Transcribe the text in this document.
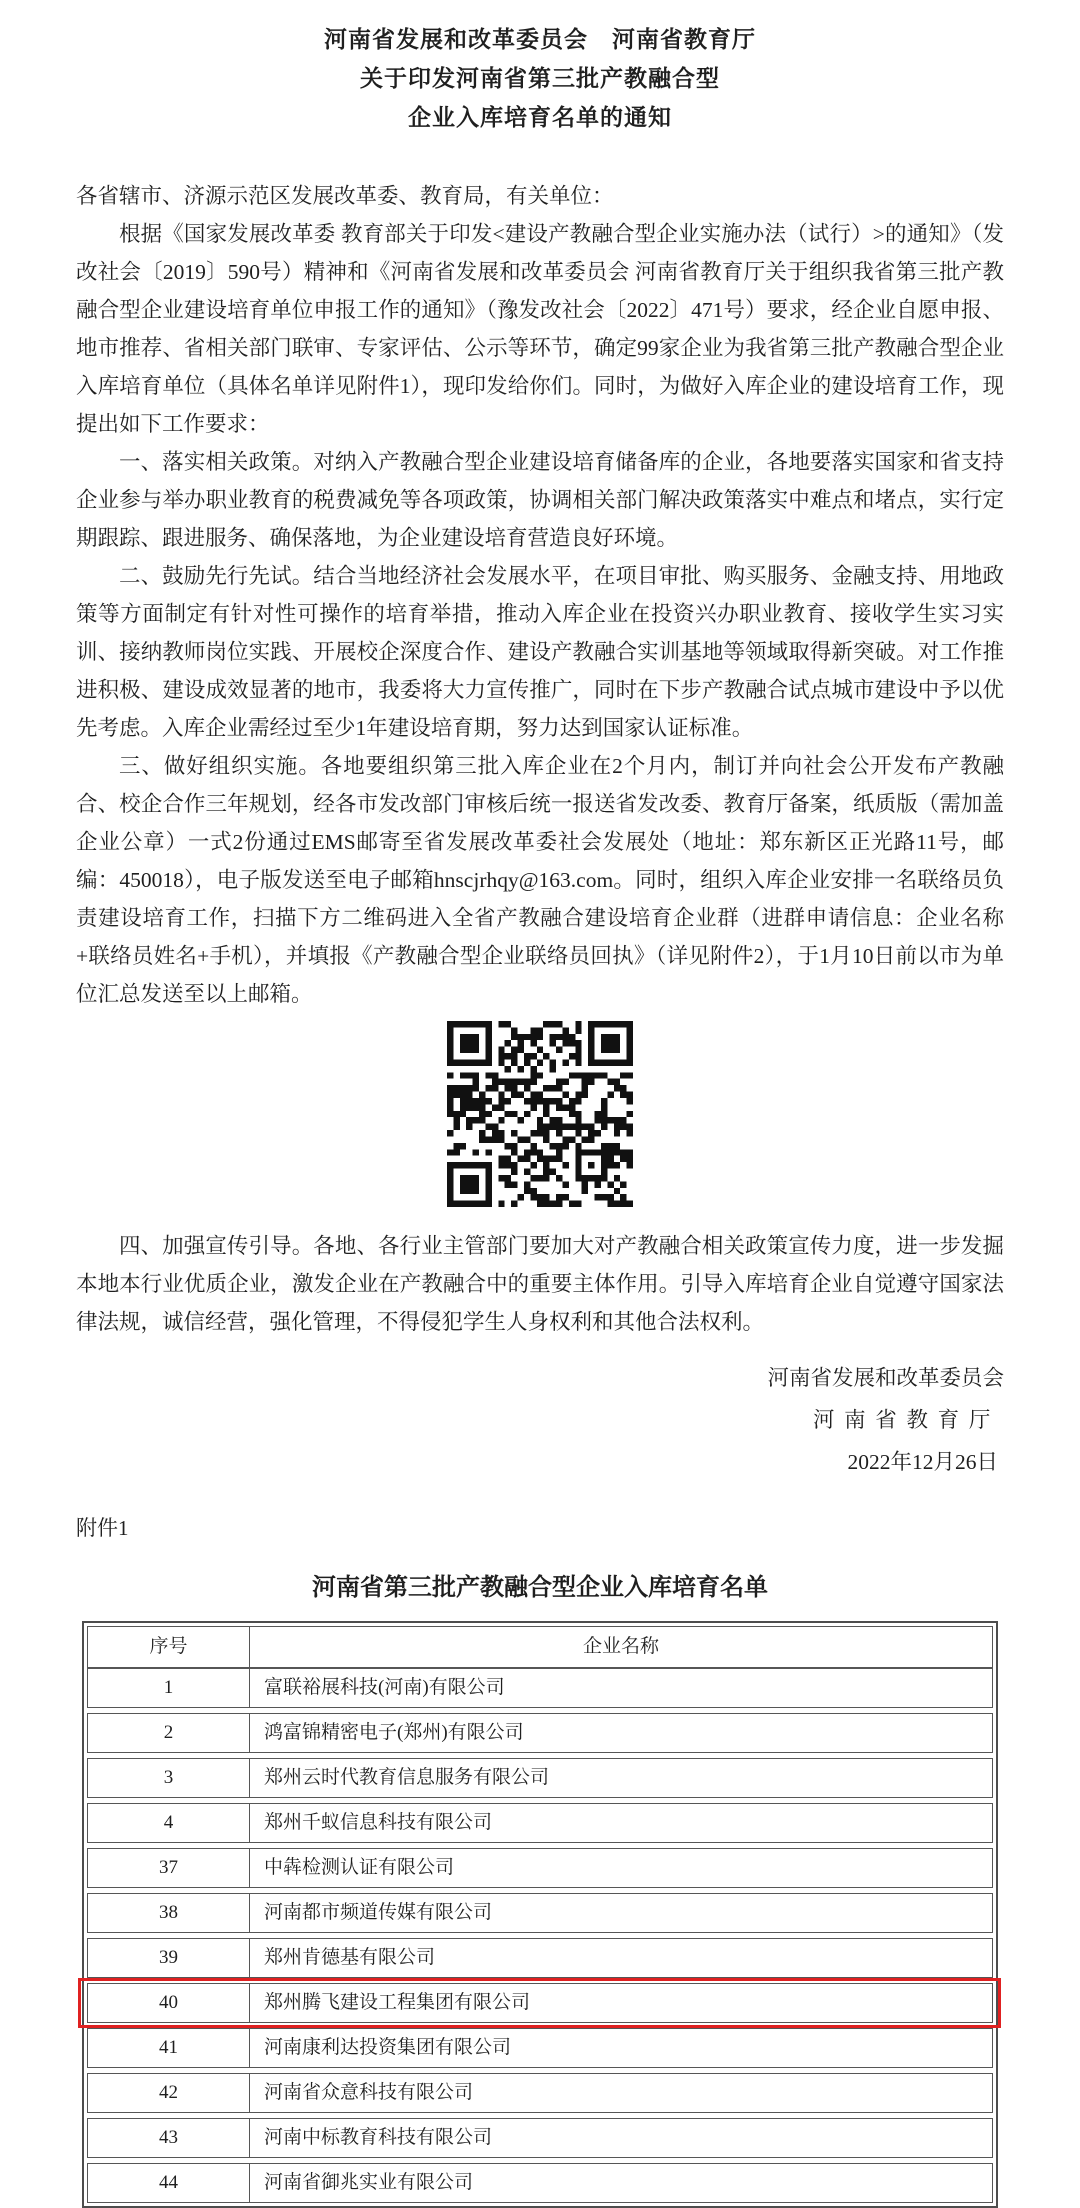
河南省发展和改革委员会　河南省教育厅
关于印发河南省第三批产教融合型
企业入库培育名单的通知

各省辖市、济源示范区发展改革委、教育局，有关单位：

根据《国家发展改革委 教育部关于印发<建设产教融合型企业实施办法（试行）>的通知》（发改社会〔2019〕590号）精神和《河南省发展和改革委员会 河南省教育厅关于组织我省第三批产教融合型企业建设培育单位申报工作的通知》（豫发改社会〔2022〕471号）要求，经企业自愿申报、地市推荐、省相关部门联审、专家评估、公示等环节，确定99家企业为我省第三批产教融合型企业入库培育单位（具体名单详见附件1），现印发给你们。同时，为做好入库企业的建设培育工作，现提出如下工作要求：

一、落实相关政策。对纳入产教融合型企业建设培育储备库的企业，各地要落实国家和省支持企业参与举办职业教育的税费减免等各项政策，协调相关部门解决政策落实中难点和堵点，实行定期跟踪、跟进服务、确保落地，为企业建设培育营造良好环境。

二、鼓励先行先试。结合当地经济社会发展水平，在项目审批、购买服务、金融支持、用地政策等方面制定有针对性可操作的培育举措，推动入库企业在投资兴办职业教育、接收学生实习实训、接纳教师岗位实践、开展校企深度合作、建设产教融合实训基地等领域取得新突破。对工作推进积极、建设成效显著的地市，我委将大力宣传推广，同时在下步产教融合试点城市建设中予以优先考虑。入库企业需经过至少1年建设培育期，努力达到国家认证标准。

三、做好组织实施。各地要组织第三批入库企业在2个月内，制订并向社会公开发布产教融合、校企合作三年规划，经各市发改部门审核后统一报送省发改委、教育厅备案，纸质版（需加盖企业公章）一式2份通过EMS邮寄至省发展改革委社会发展处（地址：郑东新区正光路11号，邮编：450018），电子版发送至电子邮箱hnscjrhqy@163.com。同时，组织入库企业安排一名联络员负责建设培育工作，扫描下方二维码进入全省产教融合建设培育企业群（进群申请信息：企业名称+联络员姓名+手机），并填报《产教融合型企业联络员回执》（详见附件2），于1月10日前以市为单位汇总发送至以上邮箱。

四、加强宣传引导。各地、各行业主管部门要加大对产教融合相关政策宣传力度，进一步发掘本地本行业优质企业，激发企业在产教融合中的重要主体作用。引导入库培育企业自觉遵守国家法律法规，诚信经营，强化管理，不得侵犯学生人身权利和其他合法权利。

河南省发展和改革委员会
河南省教育厅
2022年12月26日
附件1
河南省第三批产教融合型企业入库培育名单
序号	企业名称
1	富联裕展科技(河南)有限公司
2	鸿富锦精密电子(郑州)有限公司
3	郑州云时代教育信息服务有限公司
4	郑州千蚁信息科技有限公司
37	中犇检测认证有限公司
38	河南都市频道传媒有限公司
39	郑州肯德基有限公司
40	郑州腾飞建设工程集团有限公司
41	河南康利达投资集团有限公司
42	河南省众意科技有限公司
43	河南中标教育科技有限公司
44	河南省御兆实业有限公司
